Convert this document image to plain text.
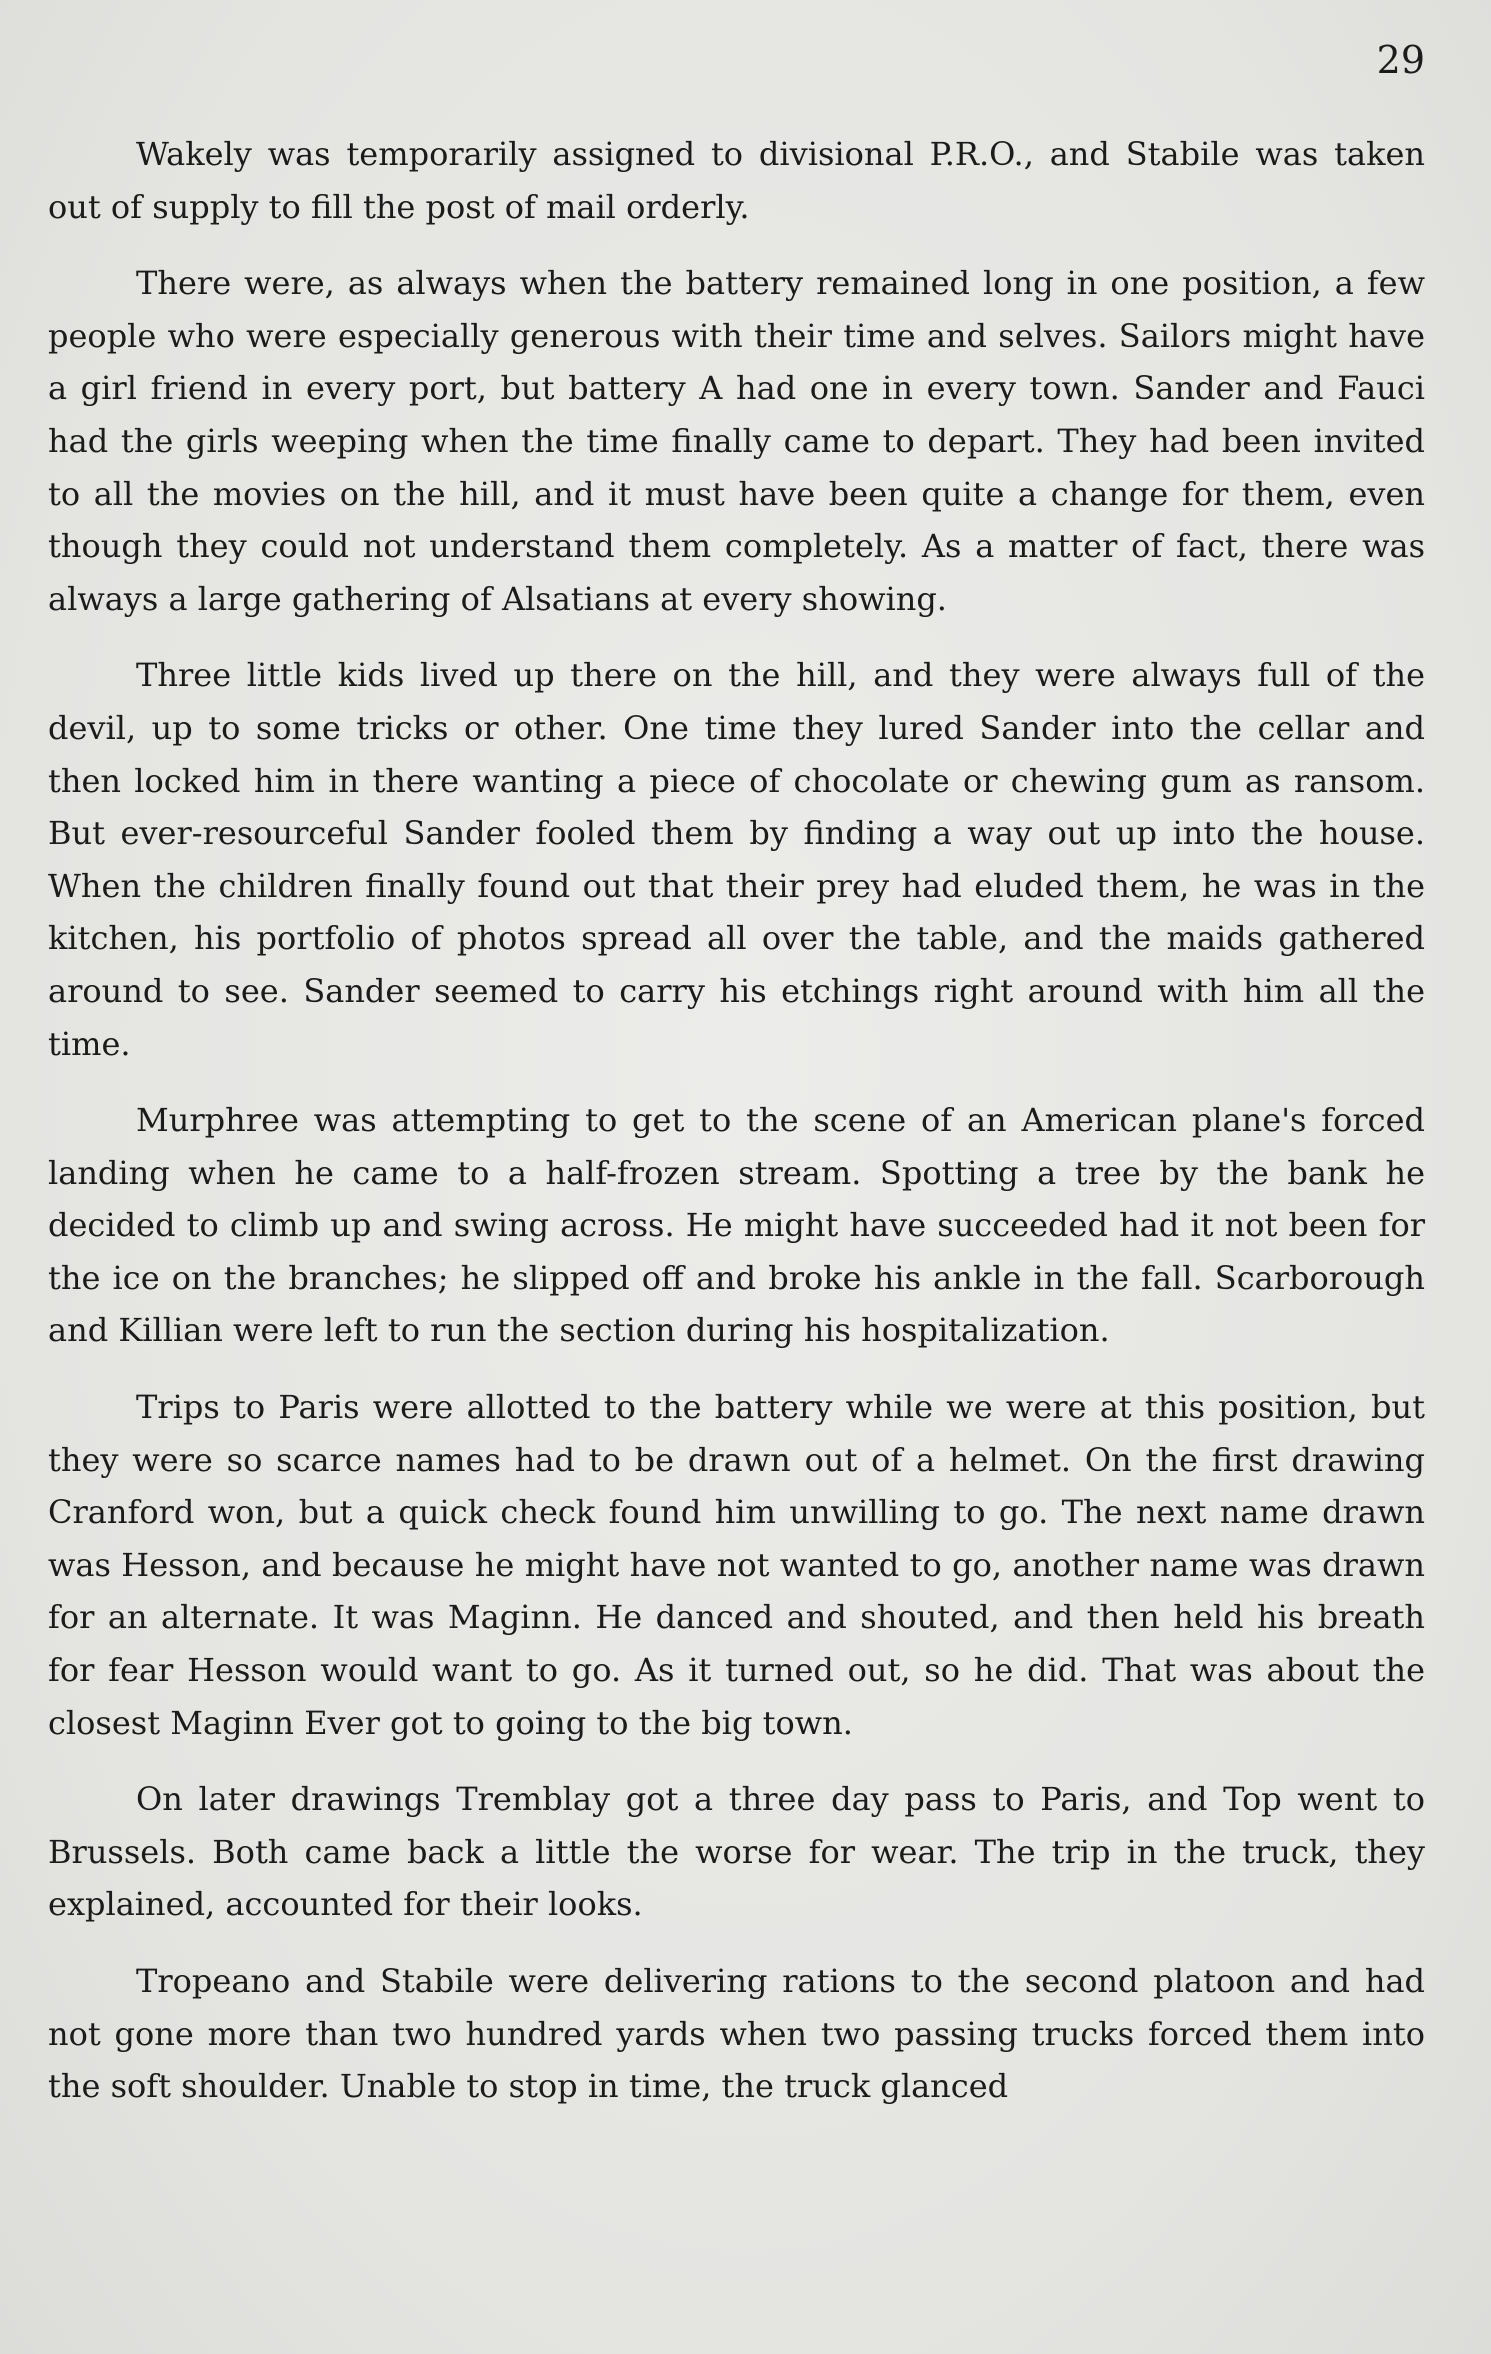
29

Wakely was temporarily assigned to divisional P.R.O., and Stabile was taken out of supply to fill the post of mail orderly.

There were, as always when the battery remained long in one position, a few people who were especially generous with their time and selves. Sailors might have a girl friend in every port, but battery A had one in every town. Sander and Fauci had the girls weeping when the time finally came to depart. They had been invited to all the movies on the hill, and it must have been quite a change for them, even though they could not understand them completely. As a matter of fact, there was always a large gathering of Alsatians at every showing.

Three little kids lived up there on the hill, and they were always full of the devil, up to some tricks or other. One time they lured Sander into the cellar and then locked him in there wanting a piece of chocolate or chewing gum as ransom. But ever-resourceful Sander fooled them by finding a way out up into the house. When the children finally found out that their prey had eluded them, he was in the kitchen, his portfolio of photos spread all over the table, and the maids gathered around to see. Sander seemed to carry his etchings right around with him all the time.

Murphree was attempting to get to the scene of an American plane's forced landing when he came to a half-frozen stream. Spotting a tree by the bank he decided to climb up and swing across. He might have succeeded had it not been for the ice on the branches; he slipped off and broke his ankle in the fall. Scarborough and Killian were left to run the section during his hospitalization.

Trips to Paris were allotted to the battery while we were at this position, but they were so scarce names had to be drawn out of a helmet. On the first drawing Cranford won, but a quick check found him unwilling to go. The next name drawn was Hesson, and because he might have not wanted to go, another name was drawn for an alternate. It was Maginn. He danced and shouted, and then held his breath for fear Hesson would want to go. As it turned out, so he did. That was about the closest Maginn Ever got to going to the big town.

On later drawings Tremblay got a three day pass to Paris, and Top went to Brussels. Both came back a little the worse for wear. The trip in the truck, they explained, accounted for their looks.

Tropeano and Stabile were delivering rations to the second platoon and had not gone more than two hundred yards when two passing trucks forced them into the soft shoulder. Unable to stop in time, the truck glanced
